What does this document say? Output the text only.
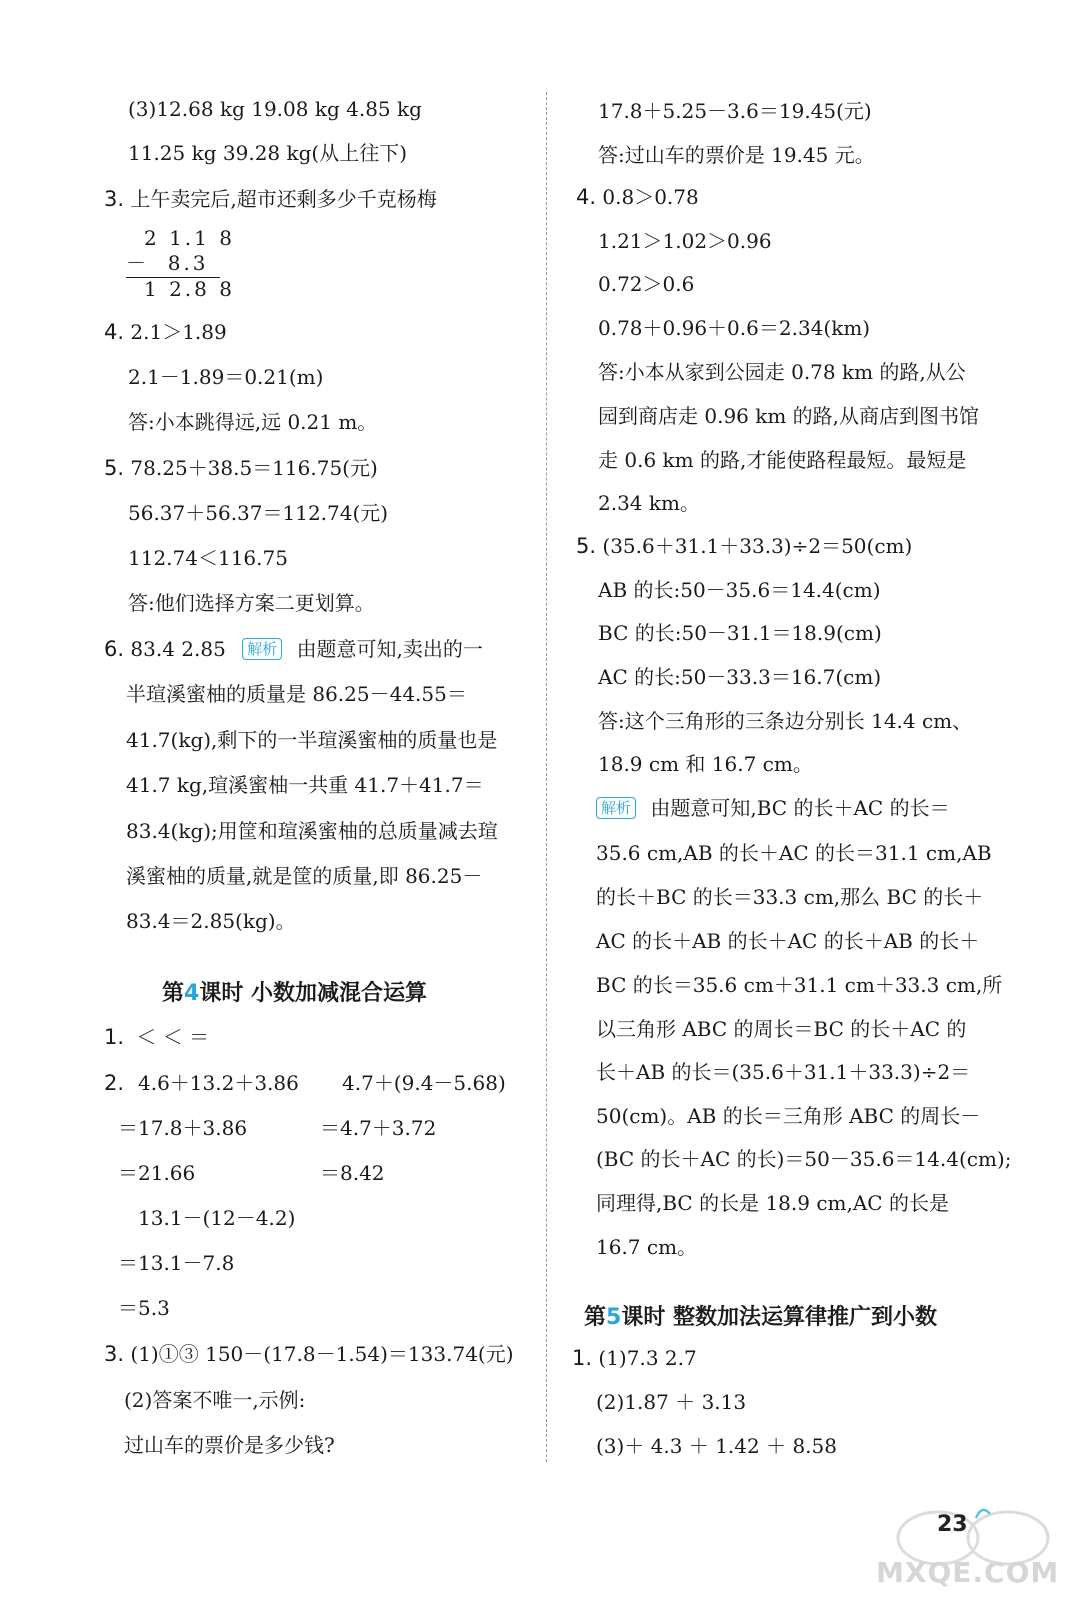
(3)12.68 kg 19.08 kg 4.85 kg
11.25 kg 39.28 kg(从上往下)
3. 上午卖完后,超市还剩多少千克杨梅
2 1.1 8
－  8.3
1 2.8 8
4. 2.1＞1.89
2.1－1.89＝0.21(m)
答:小本跳得远,远 0.21 m。
5. 78.25＋38.5＝116.75(元)
56.37＋56.37＝112.74(元)
112.74＜116.75
答:他们选择方案二更划算。
6. 83.4 2.85 解析 由题意可知,卖出的一
半瑄溪蜜柚的质量是 86.25－44.55＝
41.7(kg),剩下的一半瑄溪蜜柚的质量也是
41.7 kg,瑄溪蜜柚一共重 41.7＋41.7＝
83.4(kg);用筐和瑄溪蜜柚的总质量减去瑄
溪蜜柚的质量,就是筐的质量,即 86.25－
83.4＝2.85(kg)。
第4课时 小数加减混合运算
1. ＜ ＜ ＝
2. 4.6＋13.2＋3.86 4.7＋(9.4－5.68)
＝17.8＋3.86	＝4.7＋3.72
＝21.66	＝8.42
13.1－(12－4.2)
＝13.1－7.8
＝5.3
3. (1)①③ 150－(17.8－1.54)＝133.74(元)
(2)答案不唯一,示例:
过山车的票价是多少钱?
17.8＋5.25－3.6＝19.45(元)
答:过山车的票价是 19.45 元。
4. 0.8＞0.78
1.21＞1.02＞0.96
0.72＞0.6
0.78＋0.96＋0.6＝2.34(km)
答:小本从家到公园走 0.78 km 的路,从公
园到商店走 0.96 km 的路,从商店到图书馆
走 0.6 km 的路,才能使路程最短。最短是
2.34 km。
5. (35.6＋31.1＋33.3)÷2＝50(cm)
AB 的长:50－35.6＝14.4(cm)
BC 的长:50－31.1＝18.9(cm)
AC 的长:50－33.3＝16.7(cm)
答:这个三角形的三条边分别长 14.4 cm、
18.9 cm 和 16.7 cm。
解析 由题意可知,BC 的长＋AC 的长＝
35.6 cm,AB 的长＋AC 的长＝31.1 cm,AB
的长＋BC 的长＝33.3 cm,那么 BC 的长＋
AC 的长＋AB 的长＋AC 的长＋AB 的长＋
BC 的长＝35.6 cm＋31.1 cm＋33.3 cm,所
以三角形 ABC 的周长＝BC 的长＋AC 的
长＋AB 的长＝(35.6＋31.1＋33.3)÷2＝
50(cm)。AB 的长＝三角形 ABC 的周长－
(BC 的长＋AC 的长)＝50－35.6＝14.4(cm);
同理得,BC 的长是 18.9 cm,AC 的长是
16.7 cm。
第5课时 整数加法运算律推广到小数
1. (1)7.3 2.7
(2)1.87 ＋ 3.13
(3)＋ 4.3 ＋ 1.42 ＋ 8.58
23
MXQE.COM
